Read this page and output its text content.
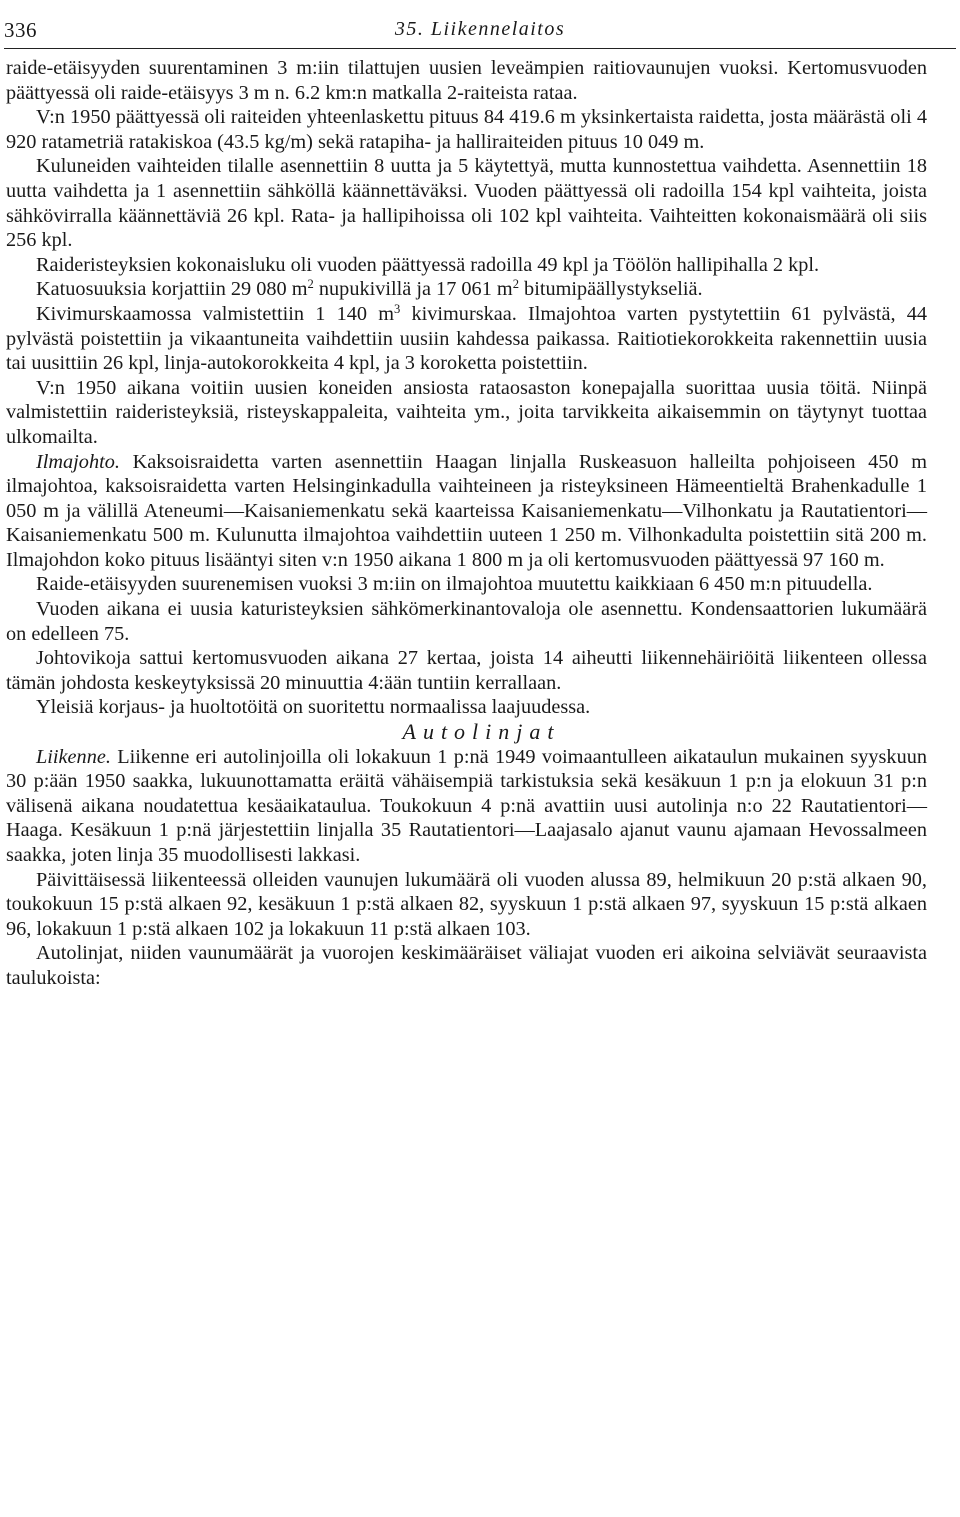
336	35. Liikennelaitos

raide-etäisyyden suurentaminen 3 m:iin tilattujen uusien leveämpien raitiovaunujen vuoksi. Kertomusvuoden päättyessä oli raide-etäisyys 3 m n. 6.2 km:n matkalla 2-raiteista rataa.

V:n 1950 päättyessä oli raiteiden yhteenlaskettu pituus 84 419.6 m yksinkertaista raidetta, josta määrästä oli 4 920 ratametriä ratakiskoa (43.5 kg/m) sekä ratapiha- ja halliraiteiden pituus 10 049 m.

Kuluneiden vaihteiden tilalle asennettiin 8 uutta ja 5 käytettyä, mutta kunnostettua vaihdetta. Asennettiin 18 uutta vaihdetta ja 1 asennettiin sähköllä käännettäväksi. Vuoden päättyessä oli radoilla 154 kpl vaihteita, joista sähkövirralla käännettäviä 26 kpl. Rata- ja hallipihoissa oli 102 kpl vaihteita. Vaihteitten kokonaismäärä oli siis 256 kpl.

Raideristeyksien kokonaisluku oli vuoden päättyessä radoilla 49 kpl ja Töölön hallipihalla 2 kpl.

Katuosuuksia korjattiin 29 080 $m^2$ nupukivillä ja 17 061 $m^2$ bitumipäällystykseliä.

Kivimurskaamossa valmistettiin 1 140 $m^3$ kivimurskaa. Ilmajohtoa varten pystytettiin 61 pylvästä, 44 pylvästä poistettiin ja vikaantuneita vaihdettiin uusiin kahdessa paikassa. Raitiotiekorokkeita rakennettiin uusia tai uusittiin 26 kpl, linja-autokorokkeita 4 kpl, ja 3 koroketta poistettiin.

V:n 1950 aikana voitiin uusien koneiden ansiosta rataosaston konepajalla suorittaa uusia töitä. Niinpä valmistettiin raideristeyksiä, risteyskappaleita, vaihteita ym., joita tarvikkeita aikaisemmin on täytynyt tuottaa ulkomailta.

Ilmajohto. Kaksoisraidetta varten asennettiin Haagan linjalla Ruskeasuon halleilta pohjoiseen 450 m ilmajohtoa, kaksoisraidetta varten Helsinginkadulla vaihteineen ja risteyksineen Hämeentieltä Brahenkadulle 1 050 m ja välillä Ateneumi—Kaisaniemenkatu sekä kaarteissa Kaisaniemenkatu—Vilhonkatu ja Rautatientori—Kaisaniemenkatu 500 m. Kulunutta ilmajohtoa vaihdettiin uuteen 1 250 m. Vilhonkadulta poistettiin sitä 200 m. Ilmajohdon koko pituus lisääntyi siten v:n 1950 aikana 1 800 m ja oli kertomusvuoden päättyessä 97 160 m.

Raide-etäisyyden suurenemisen vuoksi 3 m:iin on ilmajohtoa muutettu kaikkiaan 6 450 m:n pituudella.

Vuoden aikana ei uusia katuristeyksien sähkömerkinantovaloja ole asennettu. Kondensaattorien lukumäärä on edelleen 75.

Johtovikoja sattui kertomusvuoden aikana 27 kertaa, joista 14 aiheutti liikennehäiriöitä liikenteen ollessa tämän johdosta keskeytyksissä 20 minuuttia 4:ään tuntiin kerrallaan.

Yleisiä korjaus- ja huoltotöitä on suoritettu normaalissa laajuudessa.

Autolinjat

Liikenne. Liikenne eri autolinjoilla oli lokakuun 1 p:nä 1949 voimaantulleen aikataulun mukainen syyskuun 30 p:ään 1950 saakka, lukuunottamatta eräitä vähäisempiä tarkistuksia sekä kesäkuun 1 p:n ja elokuun 31 p:n välisenä aikana noudatettua kesäaikataulua. Toukokuun 4 p:nä avattiin uusi autolinja n:o 22 Rautatientori—Haaga. Kesäkuun 1 p:nä järjestettiin linjalla 35 Rautatientori—Laajasalo ajanut vaunu ajamaan Hevossalmeen saakka, joten linja 35 muodollisesti lakkasi.

Päivittäisessä liikenteessä olleiden vaunujen lukumäärä oli vuoden alussa 89, helmikuun 20 p:stä alkaen 90, toukokuun 15 p:stä alkaen 92, kesäkuun 1 p:stä alkaen 82, syyskuun 1 p:stä alkaen 97, syyskuun 15 p:stä alkaen 96, lokakuun 1 p:stä alkaen 102 ja lokakuun 11 p:stä alkaen 103.

Autolinjat, niiden vaunumäärät ja vuorojen keskimääräiset väliajat vuoden eri aikoina selviävät seuraavista taulukoista:
